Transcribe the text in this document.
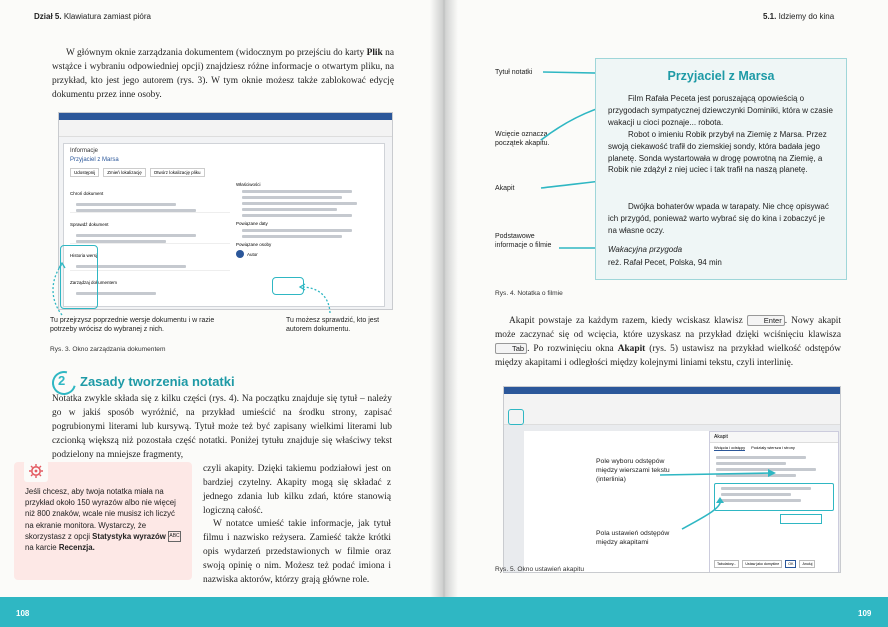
Dział 5. Klawiatura zamiast pióra
W głównym oknie zarządzania dokumentem (widocznym po przejściu do karty Plik na wstążce i wybraniu odpowiedniej opcji) znajdziesz różne informacje o otwartym pliku, na przykład, kto jest jego autorem (rys. 3). W tym oknie możesz także zablokować edycję dokumentu przez inne osoby.
Informacje
Przyjaciel z Marsa
Udostępnij	Zmień lokalizację	Otwórz lokalizację pliku
Chroń dokument
Sprawdź dokument
Historia wersji
Zarządzaj dokumentem
Właściwości
Powiązane daty
Powiązane osoby
Autor
Tu przejrzysz poprzednie wersje dokumentu i w razie potrzeby wrócisz do wybranej z nich.
Tu możesz sprawdzić, kto jest autorem dokumentu.
Rys. 3. Okno zarządzania dokumentem
2 Zasady tworzenia notatki
Notatka zwykle składa się z kilku części (rys. 4). Na początku znajduje się tytuł – należy go w jakiś sposób wyróżnić, na przykład umieścić na środku strony, zapisać pogrubionymi literami lub kursywą. Tytuł może też być zapisany wielkimi literami lub czcionką większą niż pozostała część notatki. Poniżej tytułu znajduje się właściwy tekst podzielony na mniejsze fragmenty,
czyli akapity. Dzięki takiemu podziałowi jest on bardziej czytelny. Akapity mogą się składać z jednego zdania lub kilku zdań, które stanowią logiczną całość.
W notatce umieść takie informacje, jak tytuł filmu i nazwisko reżysera. Zamieść także krótki opis wydarzeń przedstawionych w filmie oraz swoją opinię o nim. Możesz też podać imiona i nazwiska aktorów, którzy grają główne role.
Jeśli chcesz, aby twoja notatka miała na przykład około 150 wyrazów albo nie więcej niż 800 znaków, wcale nie musisz ich liczyć na ekranie monitora. Wystarczy, że skorzystasz z opcji Statystyka wyrazów ABC na karcie Recenzja.
5.1. Idziemy do kina
Tytuł notatki
Wcięcie oznacza początek akapitu.
Akapit
Podstawowe informacje o filmie
Przyjaciel z Marsa
Film Rafała Peceta jest poruszającą opowieścią o przygodach sympatycznej dziewczynki Dominiki, która w czasie wakacji u cioci poznaje... robota.
Robot o imieniu Robik przybył na Ziemię z Marsa. Przez swoją ciekawość trafił do ziemskiej sondy, która badała jego planetę. Sonda wystartowała w drogę powrotną na Ziemię, a Robik nie zdążył z niej uciec i tak trafił na naszą planetę.
Dwójka bohaterów wpada w tarapaty. Nie chcę opisywać ich przygód, ponieważ warto wybrać się do kina i zobaczyć je na własne oczy.
Wakacyjna przygoda
reż. Rafał Pecet, Polska, 94 min
Rys. 4. Notatka o filmie
Akapit powstaje za każdym razem, kiedy wciskasz klawisz Enter . Nowy akapit może zaczynać się od wcięcia, które uzyskasz na przykład dzięki wciśnięciu klawisza Tab . Po rozwinięciu okna Akapit (rys. 5) ustawisz na przykład wielkość odstępów między akapitami i odległości między kolejnymi liniami tekstu, czyli interlinię.
Akapit
Wcięcia i odstępy Podziały wiersza i strony
Tabulatory...	Ustaw jako domyślne	OK	Anuluj
Pole wyboru odstępów między wierszami tekstu (interlinia)
Pola ustawień odstępów między akapitami
Rys. 5. Okno ustawień akapitu
108	109
